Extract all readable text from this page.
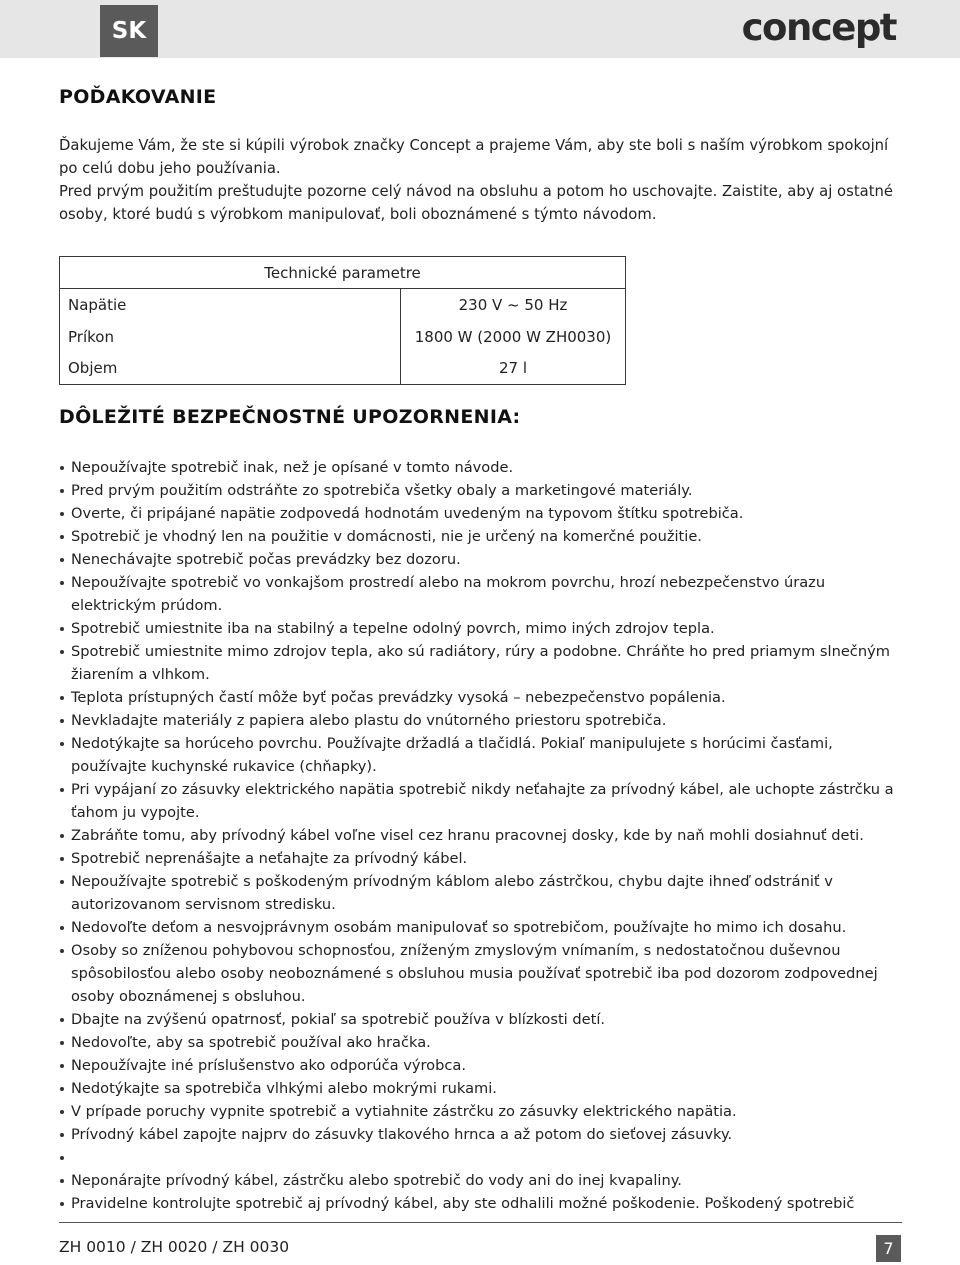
SK	concept
POĎAKOVANIE

Ďakujeme Vám, že ste si kúpili výrobok značky Concept a prajeme Vám, aby ste boli s naším výrobkom spokojní po celú dobu jeho používania.

Pred prvým použitím preštudujte pozorne celý návod na obsluhu a potom ho uschovajte. Zaistite, aby aj ostatné osoby, ktoré budú s výrobkom manipulovať, boli oboznámené s týmto návodom.

Technické parametre	
Napätie	230 V ~ 50 Hz
Príkon	1800 W (2000 W ZH0030)
Objem	27 l
DÔLEŽITÉ BEZPEČNOSTNÉ UPOZORNENIA:
Nepoužívajte spotrebič inak, než je opísané v tomto návode.
Pred prvým použitím odstráňte zo spotrebiča všetky obaly a marketingové materiály.
Overte, či pripájané napätie zodpovedá hodnotám uvedeným na typovom štítku spotrebiča.
Spotrebič je vhodný len na použitie v domácnosti, nie je určený na komerčné použitie.
Nenechávajte spotrebič počas prevádzky bez dozoru.
Nepoužívajte spotrebič vo vonkajšom prostredí alebo na mokrom povrchu, hrozí nebezpečenstvo úrazu elektrickým prúdom.
Spotrebič umiestnite iba na stabilný a tepelne odolný povrch, mimo iných zdrojov tepla.
Spotrebič umiestnite mimo zdrojov tepla, ako sú radiátory, rúry a podobne. Chráňte ho pred priamym slnečným žiarením a vlhkom.
Teplota prístupných častí môže byť počas prevádzky vysoká – nebezpečenstvo popálenia.
Nevkladajte materiály z papiera alebo plastu do vnútorného priestoru spotrebiča.
Nedotýkajte sa horúceho povrchu. Používajte držadlá a tlačidlá. Pokiaľ manipulujete s horúcimi časťami, používajte kuchynské rukavice (chňapky).
Pri vypájaní zo zásuvky elektrického napätia spotrebič nikdy neťahajte za prívodný kábel, ale uchopte zástrčku a ťahom ju vypojte.
Zabráňte tomu, aby prívodný kábel voľne visel cez hranu pracovnej dosky, kde by naň mohli dosiahnuť deti.
Spotrebič neprenášajte a neťahajte za prívodný kábel.
Nepoužívajte spotrebič s poškodeným prívodným káblom alebo zástrčkou, chybu dajte ihneď odstrániť v autorizovanom servisnom stredisku.
Nedovoľte deťom a nesvojprávnym osobám manipulovať so spotrebičom, používajte ho mimo ich dosahu.
Osoby so zníženou pohybovou schopnosťou, zníženým zmyslovým vnímaním, s nedostatočnou duševnou spôsobilosťou alebo osoby neoboznámené s obsluhou musia používať spotrebič iba pod dozorom zodpovednej osoby oboznámenej s obsluhou.
Dbajte na zvýšenú opatrnosť, pokiaľ sa spotrebič používa v blízkosti detí.
Nedovoľte, aby sa spotrebič používal ako hračka.
Nepoužívajte iné príslušenstvo ako odporúča výrobca.
Nedotýkajte sa spotrebiča vlhkými alebo mokrými rukami.
V prípade poruchy vypnite spotrebič a vytiahnite zástrčku zo zásuvky elektrického napätia.
Prívodný kábel zapojte najprv do zásuvky tlakového hrnca a až potom do sieťovej zásuvky.

Neponárajte prívodný kábel, zástrčku alebo spotrebič do vody ani do inej kvapaliny.
Pravidelne kontrolujte spotrebič aj prívodný kábel, aby ste odhalili možné poškodenie. Poškodený spotrebič
ZH 0010 / ZH 0020 / ZH 0030	7
